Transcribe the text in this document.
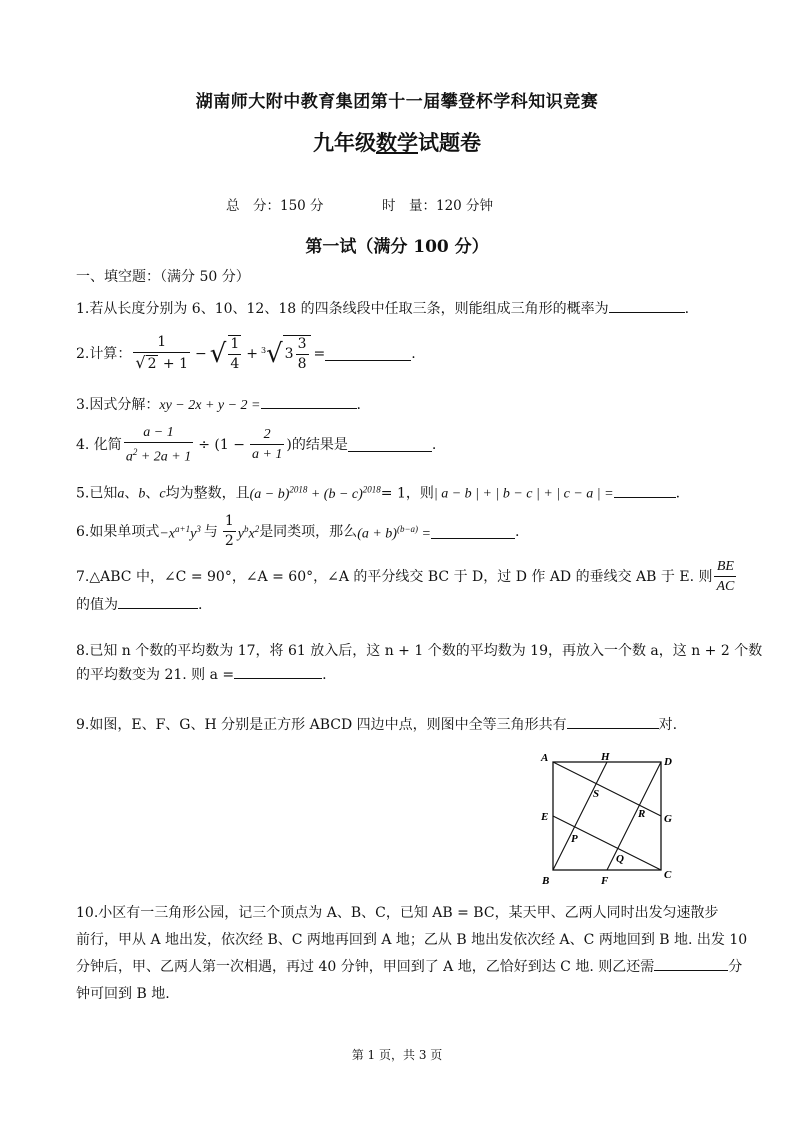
湖南师大附中教育集团第十一届攀登杯学科知识竞赛
九年级数学试题卷
总　分：150 分	时　量：120 分钟
第一试（满分 100 分）
一、填空题：（满分 50 分）
1.若从长度分别为 6、10、12、18 的四条线段中任取三条，则能组成三角形的概率为	.
2.计算： $\frac{1}{√ 2 + 1}$ − √ $\frac{1}{4} + 3$ √ $3 \frac{3}{8}$ =	.
3.因式分解：xy − 2x + y − 2 =	.
4. 化简 $\frac{a - 1}{a^2 + 2a + 1} \div (1 - \frac{2}{a + 1}$ ) 的结果是	.
5.已知a、b、c均为整数，且$(a - b)^{2018} + (b - c)^{2018}= 1$，则| a − b | + | b − c | + | c − a | =	.
6.如果单项式 $-x^{a+1}y^3$ 与 $\frac{1}{2} y^bx^2$ 是同类项，那么 $(a + b)^{(b-a)}$ =	.
7.△ABC 中，∠C = 90°，∠A = 60°，∠A 的平分线交 BC 于 D，过 D 作 AD 的垂线交 AB 于 E. 则 $\frac{BE}{AC}$
的值为	.
8.已知 n 个数的平均数为 17，将 61 放入后，这 n + 1 个数的平均数为 19，再放入一个数 a，这 n + 2 个数
的平均数变为 21. 则 a =	.
9.如图，E、F、G、H 分别是正方形 ABCD 四边中点，则图中全等三角形共有	对.
A	D
B	C
E
F
G
H
P
Q
R
S
10.小区有一三角形公园，记三个顶点为 A、B、C，已知 AB = BC，某天甲、乙两人同时出发匀速散步
前行，甲从 A 地出发，依次经 B、C 两地再回到 A 地；乙从 B 地出发依次经 A、C 两地回到 B 地. 出发 10
分钟后，甲、乙两人第一次相遇，再过 40 分钟，甲回到了 A 地，乙恰好到达 C 地. 则乙还需	分
钟可回到 B 地.
第 1 页，共 3 页
